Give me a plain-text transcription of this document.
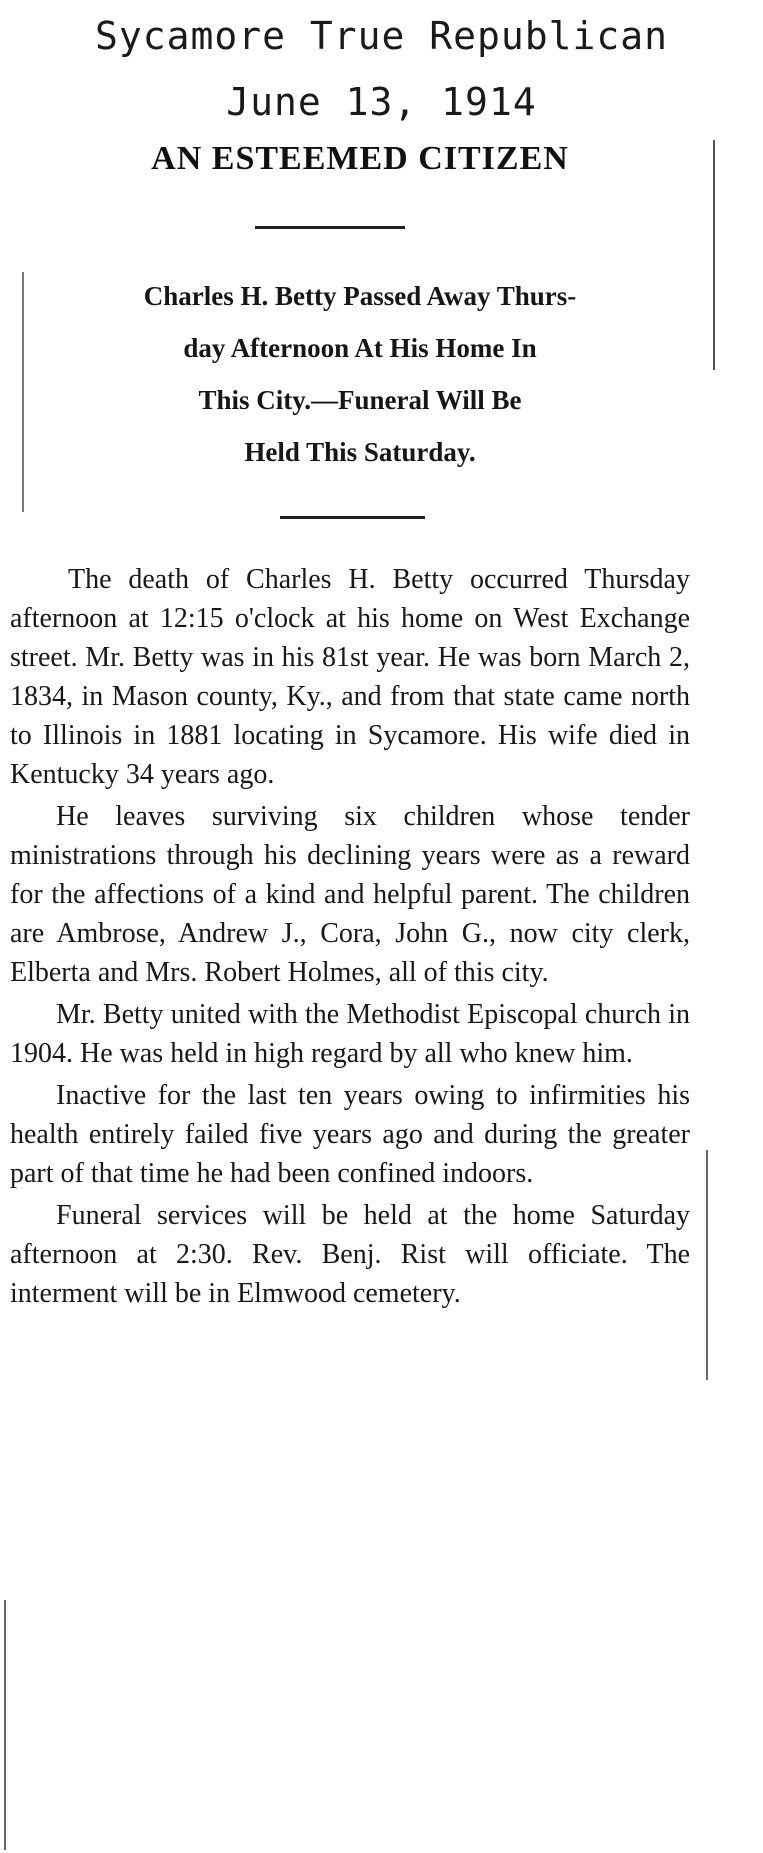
Sycamore True Republican
June 13, 1914
AN ESTEEMED CITIZEN
Charles H. Betty Passed Away Thurs-
day Afternoon At His Home In
This City.—Funeral Will Be
Held This Saturday.

The death of Charles H. Betty occurred Thursday afternoon at 12:15 o'clock at his home on West Exchange street. Mr. Betty was in his 81st year. He was born March 2, 1834, in Mason county, Ky., and from that state came north to Illinois in 1881 locating in Sycamore. His wife died in Kentucky 34 years ago.

He leaves surviving six children whose tender ministrations through his declining years were as a reward for the affections of a kind and helpful parent. The children are Ambrose, Andrew J., Cora, John G., now city clerk, Elberta and Mrs. Robert Holmes, all of this city.

Mr. Betty united with the Methodist Episcopal church in 1904. He was held in high regard by all who knew him.

Inactive for the last ten years owing to infirmities his health entirely failed five years ago and during the greater part of that time he had been confined indoors.

Funeral services will be held at the home Saturday afternoon at 2:30. Rev. Benj. Rist will officiate. The interment will be in Elmwood cemetery.
